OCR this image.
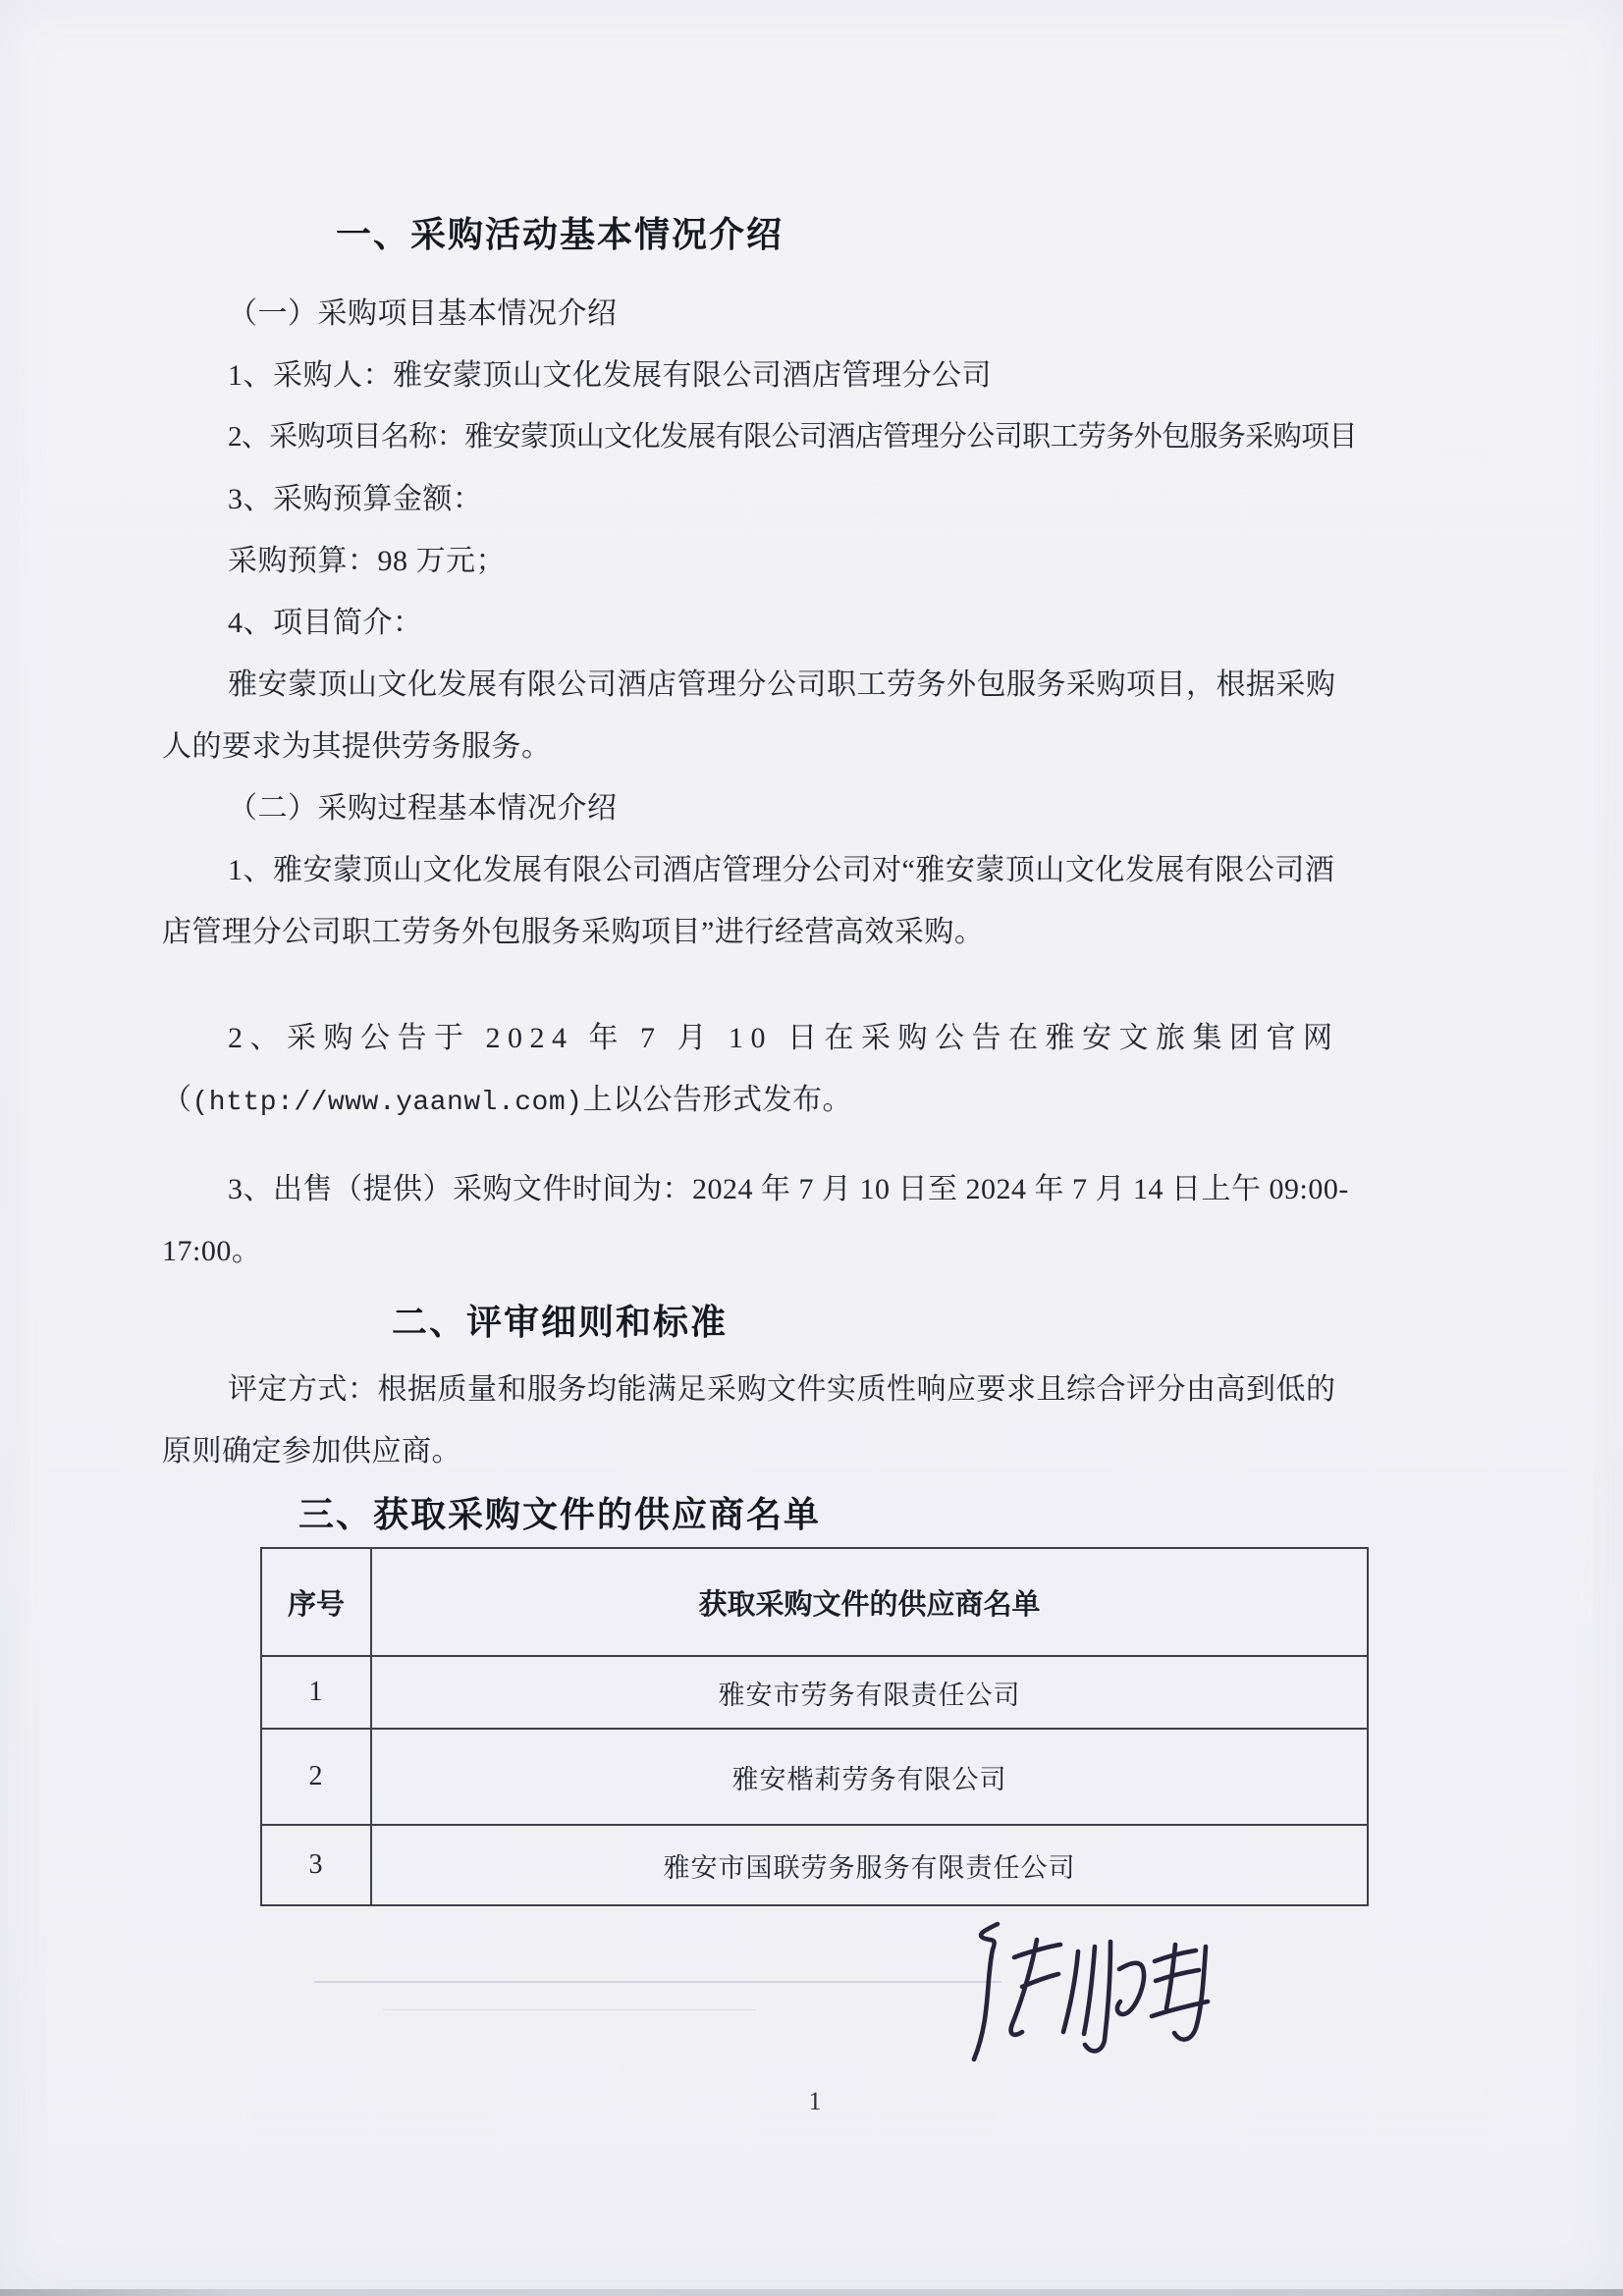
一、采购活动基本情况介绍
（一）采购项目基本情况介绍
1、采购人：雅安蒙顶山文化发展有限公司酒店管理分公司
2、采购项目名称：雅安蒙顶山文化发展有限公司酒店管理分公司职工劳务外包服务采购项目
3、采购预算金额：
采购预算：98 万元；
4、项目简介：
雅安蒙顶山文化发展有限公司酒店管理分公司职工劳务外包服务采购项目，根据采购
人的要求为其提供劳务服务。
（二）采购过程基本情况介绍
1、雅安蒙顶山文化发展有限公司酒店管理分公司对“雅安蒙顶山文化发展有限公司酒
店管理分公司职工劳务外包服务采购项目”进行经营高效采购。
2、采购公告于 2024 年 7 月 10 日在采购公告在雅安文旅集团官网
（(http://www.yaanwl.com)上以公告形式发布。
3、出售（提供）采购文件时间为：2024 年 7 月 10 日至 2024 年 7 月 14 日上午 09:00-
17:00。
二、评审细则和标准
评定方式：根据质量和服务均能满足采购文件实质性响应要求且综合评分由高到低的
原则确定参加供应商。
三、获取采购文件的供应商名单
序号	获取采购文件的供应商名单
1	雅安市劳务有限责任公司
2	雅安楷莉劳务有限公司
3	雅安市国联劳务服务有限责任公司
1
